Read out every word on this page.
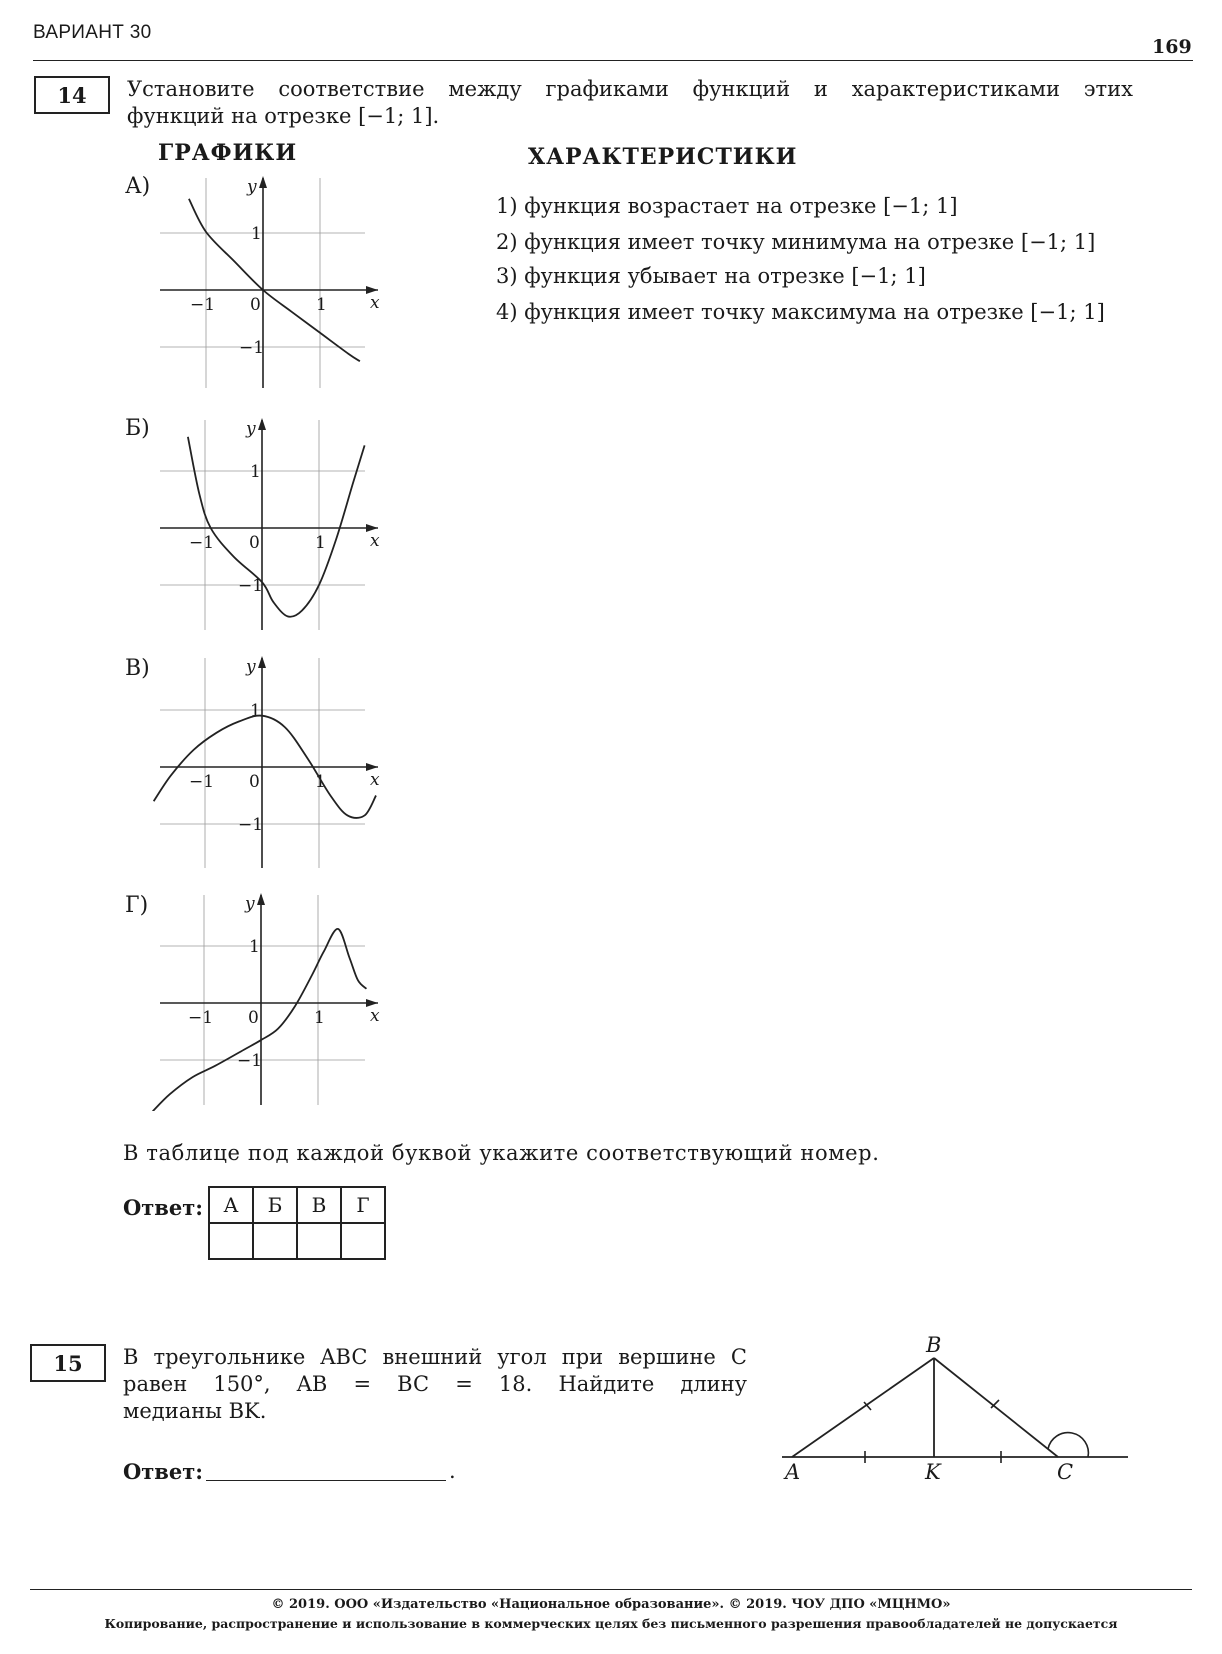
ВАРИАНТ 30
169
14 Установите соответствие между графиками функций и характеристиками этих
функций на отрезке [−1; 1].
ГРАФИКИ	ХАРАКТЕРИСТИКИ
1) функция возрастает на отрезке [−1; 1]
2) функция имеет точку минимума на отрезке [−1; 1]
3) функция убывает на отрезке [−1; 1]
4) функция имеет точку максимума на отрезке [−1; 1]
А)
Б)
В)
Г)
x
y
1
−1
0
−1	1
x
y
1
−1
0
−1	1
x
y
1
−1
0
−1	1
x
y
1
−1
0
−1	1
В таблице под каждой буквой укажите соответствующий номер.
Ответ: А	Б	В	Г

15 В треугольнике ABC внешний угол при вершине C
равен 150°, AB = BC = 18. Найдите длину
медианы BK.
Ответ:	.
B
A	K	C
© 2019. ООО «Издательство «Национальное образование». © 2019. ЧОУ ДПО «МЦНМО»
Копирование, распространение и использование в коммерческих целях без письменного разрешения правообладателей не допускается
